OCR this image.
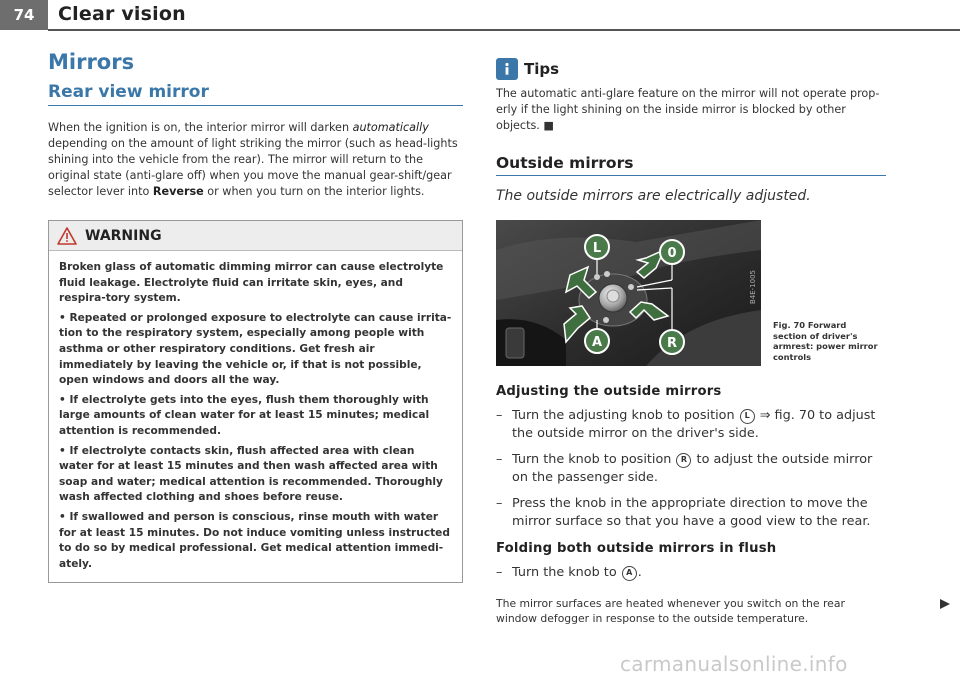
74	Clear vision
Mirrors
Rear view mirror

When the ignition is on, the interior mirror will darken automatically depending on the amount of light striking the mirror (such as head-lights shining into the vehicle from the rear). The mirror will return to the original state (anti-glare off) when you move the manual gear-shift/gear selector lever into Reverse or when you turn on the interior lights.

WARNING

Broken glass of automatic dimming mirror can cause electrolyte fluid leakage. Electrolyte fluid can irritate skin, eyes, and respira-tory system.

• Repeated or prolonged exposure to electrolyte can cause irrita-tion to the respiratory system, especially among people with asthma or other respiratory conditions. Get fresh air immediately by leaving the vehicle or, if that is not possible, open windows and doors all the way.

• If electrolyte gets into the eyes, flush them thoroughly with large amounts of clean water for at least 15 minutes; medical attention is recommended.

• If electrolyte contacts skin, flush affected area with clean water for at least 15 minutes and then wash affected area with soap and water; medical attention is recommended. Thoroughly wash affected clothing and shoes before reuse.

• If swallowed and person is conscious, rinse mouth with water for at least 15 minutes. Do not induce vomiting unless instructed to do so by medical professional. Get medical attention immedi-ately.

Tips

The automatic anti-glare feature on the mirror will not operate prop-erly if the light shining on the inside mirror is blocked by other objects. ■

Outside mirrors

The outside mirrors are electrically adjusted.

L	0
A	R
B4E-1005
Fig. 70 Forward section of driver's armrest: power mirror controls
Adjusting the outside mirrors
– Turn the adjusting knob to position L ⇒ fig. 70 to adjust the outside mirror on the driver's side.
– Turn the knob to position R to adjust the outside mirror on the passenger side.
– Press the knob in the appropriate direction to move the mirror surface so that you have a good view to the rear.
Folding both outside mirrors in flush
– Turn the knob to A .

The mirror surfaces are heated whenever you switch on the rear window defogger in response to the outside temperature.

carmanualsonline.info
